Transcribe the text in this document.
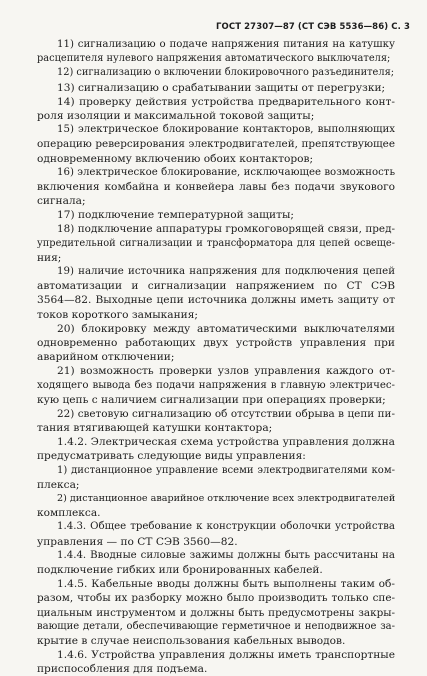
ГОСТ 27307—87 (СТ СЭВ 5536—86) С. 3
11) сигнализацию о подаче напряжения питания на катушку
расцепителя нулевого напряжения автоматического выключателя;
12) сигнализацию о включении блокировочного разъединителя;
13) сигнализацию о срабатывании защиты от перегрузки;
14) проверку действия устройства предварительного конт-
роля изоляции и максимальной токовой защиты;
15) электрическое блокирование контакторов, выполняющих
операцию реверсирования электродвигателей, препятствующее
одновременному включению обоих контакторов;
16) электрическое блокирование, исключающее возможность
включения комбайна и конвейера лавы без подачи звукового
сигнала;
17) подключение температурной защиты;
18) подключение аппаратуры громкоговорящей связи, пред-
упредительной сигнализации и трансформатора для цепей освеще-
ния;
19) наличие источника напряжения для подключения цепей
автоматизации и сигнализации напряжением по СТ СЭВ
3564—82. Выходные цепи источника должны иметь защиту от
токов короткого замыкания;
20) блокировку между автоматическими выключателями
одновременно работающих двух устройств управления при
аварийном отключении;
21) возможность проверки узлов управления каждого от-
ходящего вывода без подачи напряжения в главную электричес-
кую цепь с наличием сигнализации при операциях проверки;
22) световую сигнализацию об отсутствии обрыва в цепи пи-
тания втягивающей катушки контактора;
1.4.2. Электрическая схема устройства управления должна
предусматривать следующие виды управления:
1) дистанционное управление всеми электродвигателями ком-
плекса;
2) дистанционное аварийное отключение всех электродвигателей
комплекса.
1.4.3. Общее требование к конструкции оболочки устройства
управления — по СТ СЭВ 3560—82.
1.4.4. Вводные силовые зажимы должны быть рассчитаны на
подключение гибких или бронированных кабелей.
1.4.5. Кабельные вводы должны быть выполнены таким об-
разом, чтобы их разборку можно было производить только спе-
циальным инструментом и должны быть предусмотрены закры-
вающие детали, обеспечивающие герметичное и неподвижное за-
крытие в случае неиспользования кабельных выводов.
1.4.6. Устройства управления должны иметь транспортные
приспособления для подъема.
